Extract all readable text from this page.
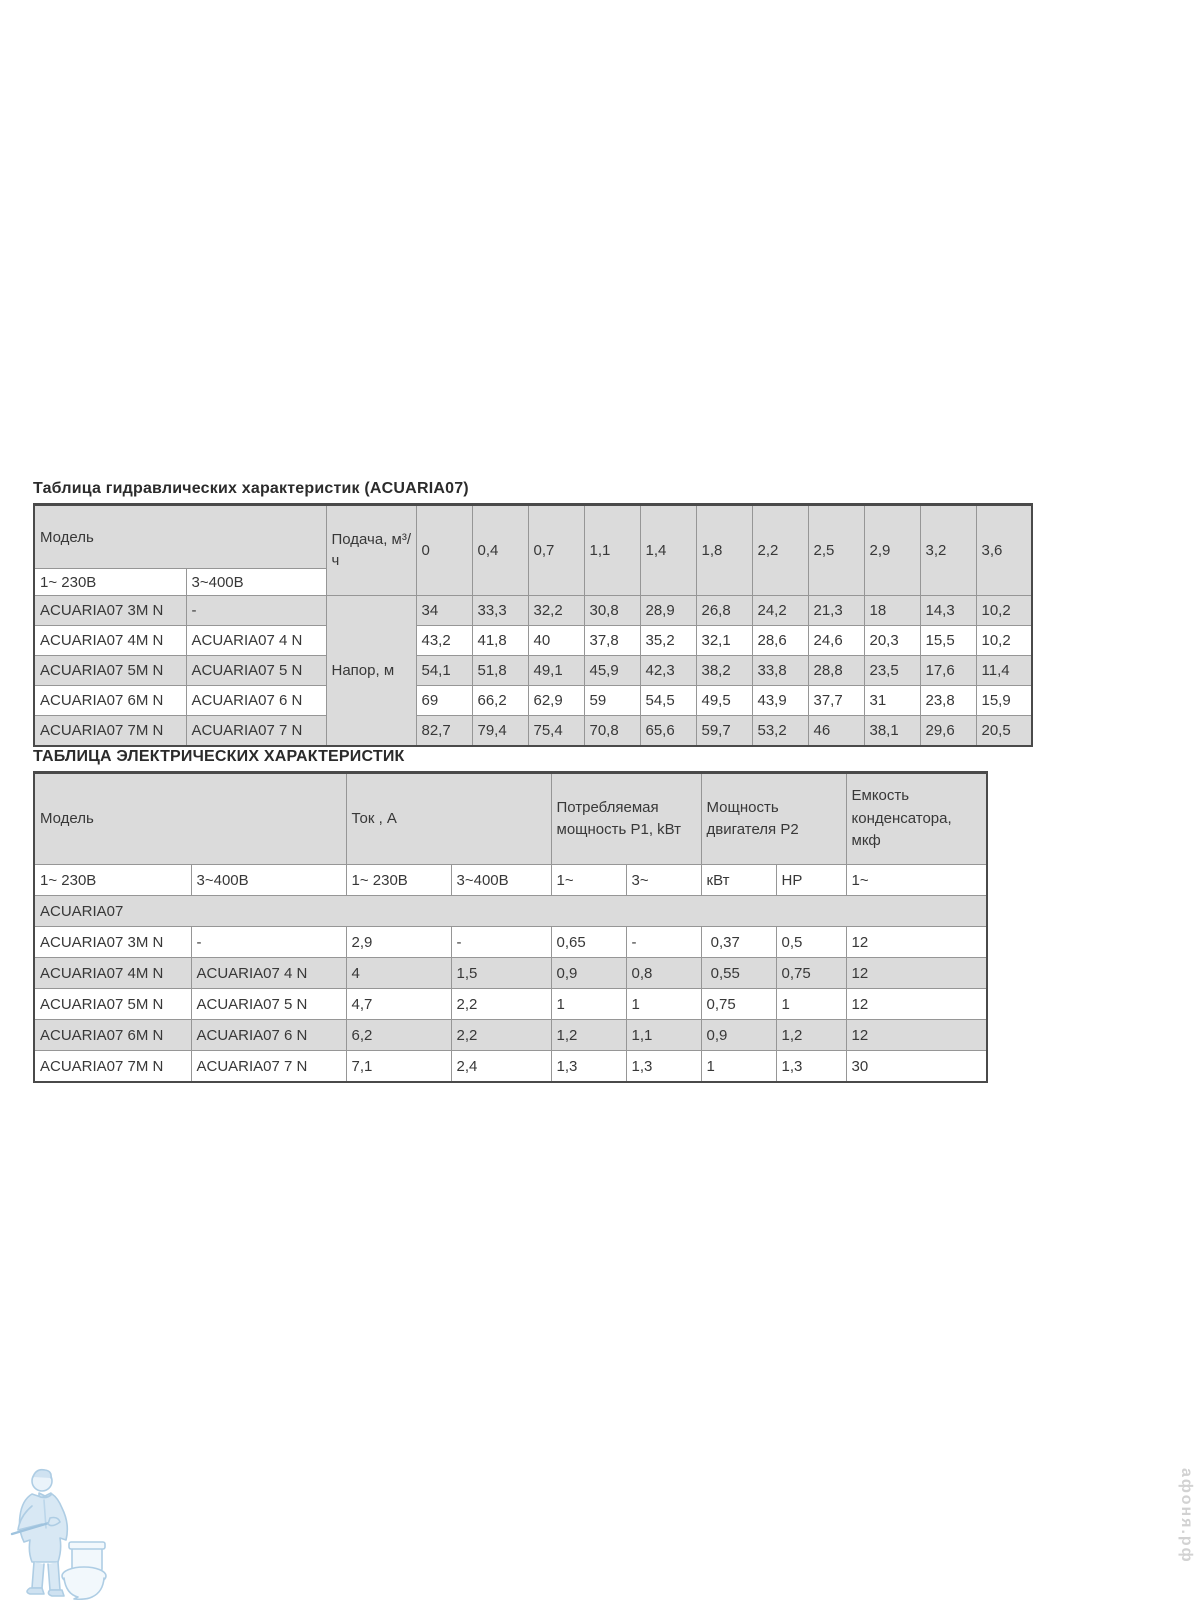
Таблица гидравлических характеристик (ACUARIA07)
Модель		Подача, м³/ч	0	0,4	0,7	1,1	1,4	1,8	2,2	2,5	2,9	3,2	3,6
1~ 230В	3~400В												
ACUARIA07 3M N	-	Напор, м	34	33,3	32,2	30,8	28,9	26,8	24,2	21,3	18	14,3	10,2
ACUARIA07 4M N	ACUARIA07 4 N		43,2	41,8	40	37,8	35,2	32,1	28,6	24,6	20,3	15,5	10,2
ACUARIA07 5M N	ACUARIA07 5 N		54,1	51,8	49,1	45,9	42,3	38,2	33,8	28,8	23,5	17,6	11,4
ACUARIA07 6M N	ACUARIA07 6 N		69	66,2	62,9	59	54,5	49,5	43,9	37,7	31	23,8	15,9
ACUARIA07 7M N	ACUARIA07 7 N		82,7	79,4	75,4	70,8	65,6	59,7	53,2	46	38,1	29,6	20,5
ТАБЛИЦА ЭЛЕКТРИЧЕСКИХ ХАРАКТЕРИСТИК
Модель		Ток , А		Потребляемая мощность P1, kВт		Мощность двигателя P2		Емкость конденсатора, мкф
1~ 230В	3~400В	1~ 230В	3~400В	1~	3~	кВт	НР	1~
ACUARIA07								
ACUARIA07 3M N	-	2,9	-	0,65	-	0,37	0,5	12
ACUARIA07 4M N	ACUARIA07 4 N	4	1,5	0,9	0,8	0,55	0,75	12
ACUARIA07 5M N	ACUARIA07 5 N	4,7	2,2	1	1	0,75	1	12
ACUARIA07 6M N	ACUARIA07 6 N	6,2	2,2	1,2	1,1	0,9	1,2	12
ACUARIA07 7M N	ACUARIA07 7 N	7,1	2,4	1,3	1,3	1	1,3	30
афоня.рф
